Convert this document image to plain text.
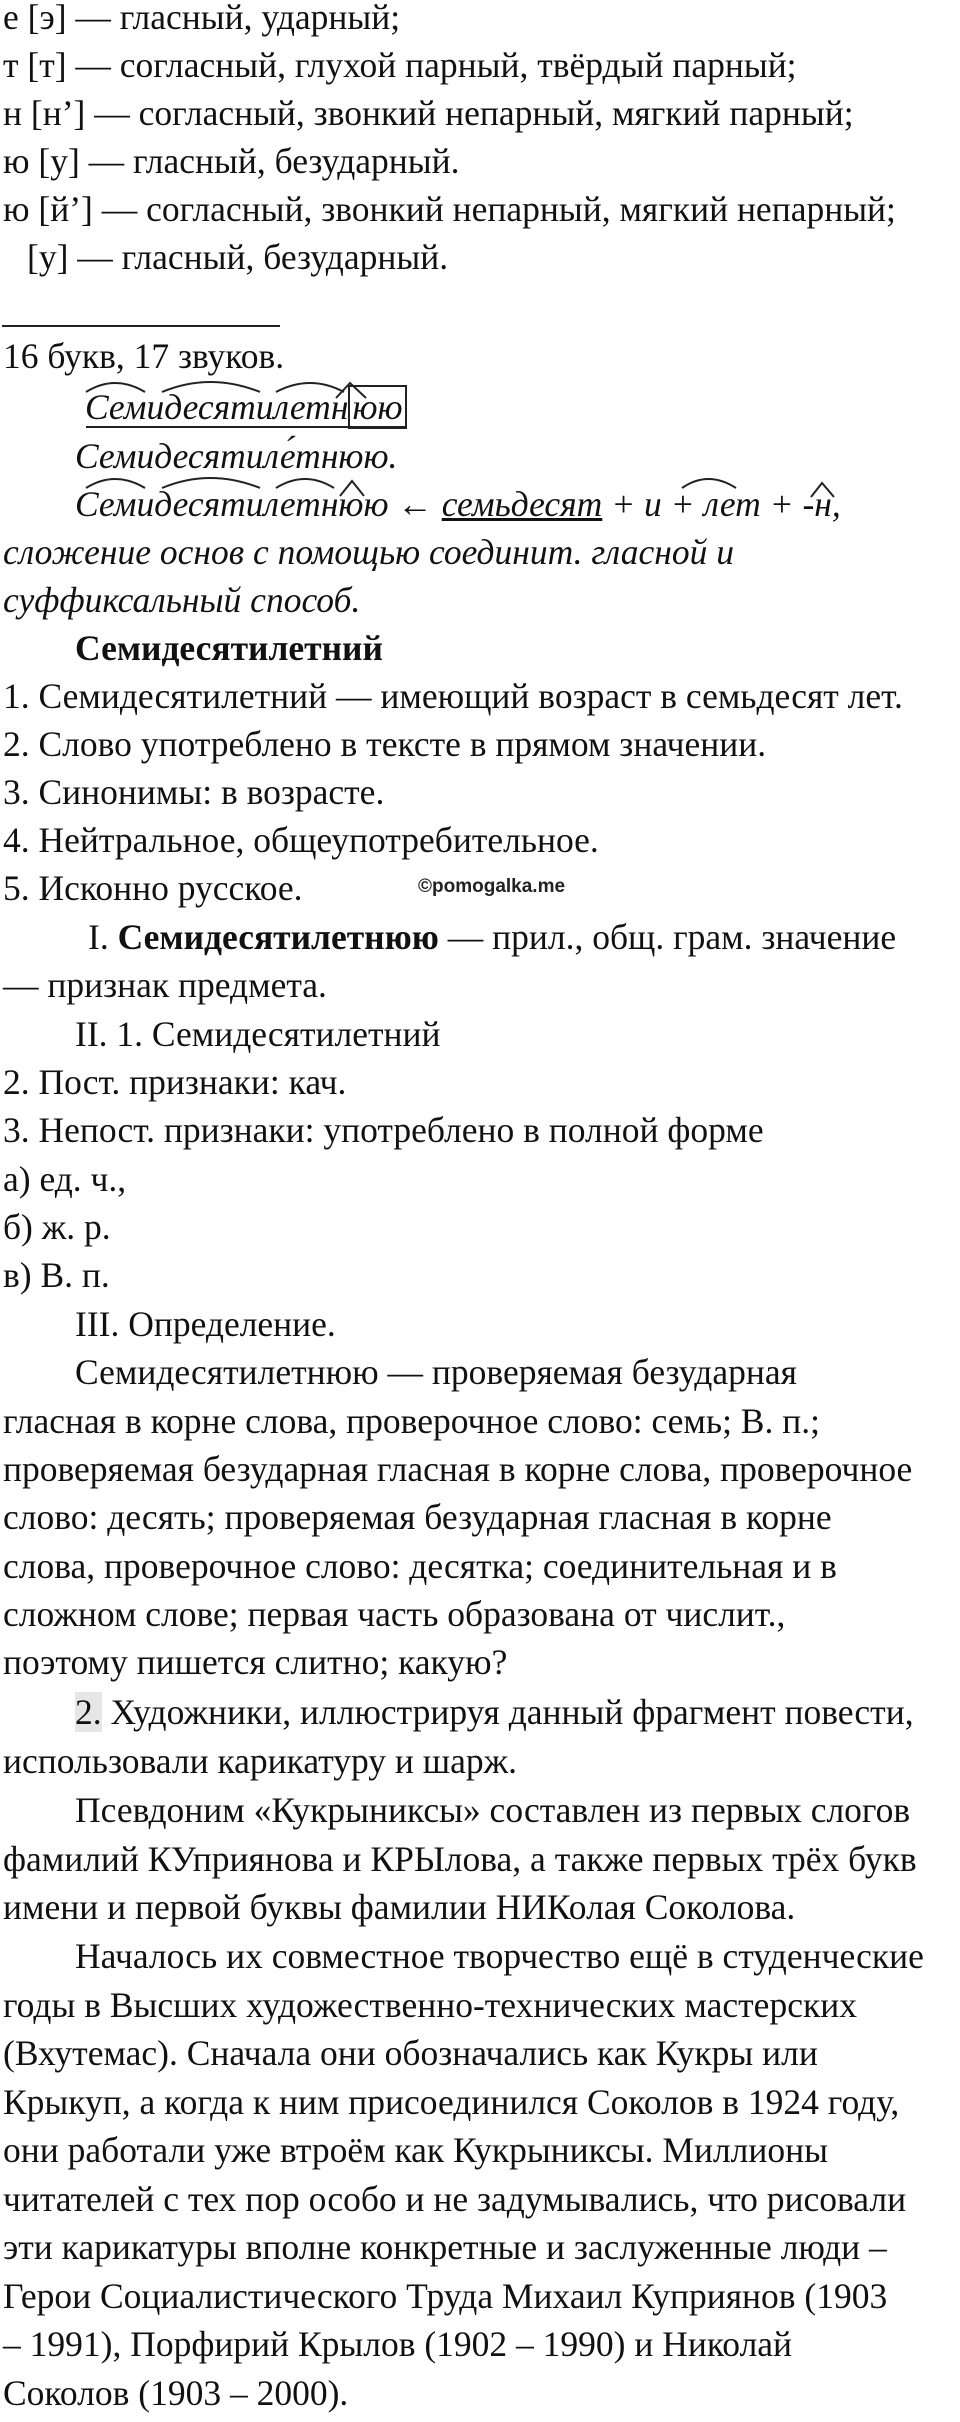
е [э] — гласный, ударный;
т [т] — согласный, глухой парный, твёрдый парный;
н [н’] — согласный, звонкий непарный, мягкий парный;
ю [у] — гласный, безударный.
ю [й’] — согласный, звонкий непарный, мягкий непарный;
[у] — гласный, безударный.
16 букв, 17 звуков.
Семидесятилетн юю
Семидесятиле́тнюю.
Семидесятилетнюю ← семьдесят + и + лет + -н,
сложение основ с помощью соединит. гласной и
суффиксальный способ.
Семидесятилетний
1. Семидесятилетний — имеющий возраст в семьдесят лет.
2. Слово употреблено в тексте в прямом значении.
3. Синонимы: в возрасте.
4. Нейтральное, общеупотребительное.
5. Исконно русское.	©pomogalka.me
I. Семидесятилетнюю — прил., общ. грам. значение
— признак предмета.
II. 1. Семидесятилетний
2. Пост. признаки: кач.
3. Непост. признаки: употреблено в полной форме
а) ед. ч.,
б) ж. р.
в) В. п.
III. Определение.
Семидесятилетнюю — проверяемая безударная
гласная в корне слова, проверочное слово: семь; В. п.;
проверяемая безударная гласная в корне слова, проверочное
слово: десять; проверяемая безударная гласная в корне
слова, проверочное слово: десятка; соединительная и в
сложном слове; первая часть образована от числит.,
поэтому пишется слитно; какую?
2. Художники, иллюстрируя данный фрагмент повести,
использовали карикатуру и шарж.
Псевдоним «Кукрыниксы» составлен из первых слогов
фамилий КУприянова и КРЫлова, а также первых трёх букв
имени и первой буквы фамилии НИКолая Соколова.
Началось их совместное творчество ещё в студенческие
годы в Высших художественно-технических мастерских
(Вхутемас). Сначала они обозначались как Кукры или
Крыкуп, а когда к ним присоединился Соколов в 1924 году,
они работали уже втроём как Кукрыниксы. Миллионы
читателей с тех пор особо и не задумывались, что рисовали
эти карикатуры вполне конкретные и заслуженные люди –
Герои Социалистического Труда Михаил Куприянов (1903
– 1991), Порфирий Крылов (1902 – 1990) и Николай
Соколов (1903 – 2000).
